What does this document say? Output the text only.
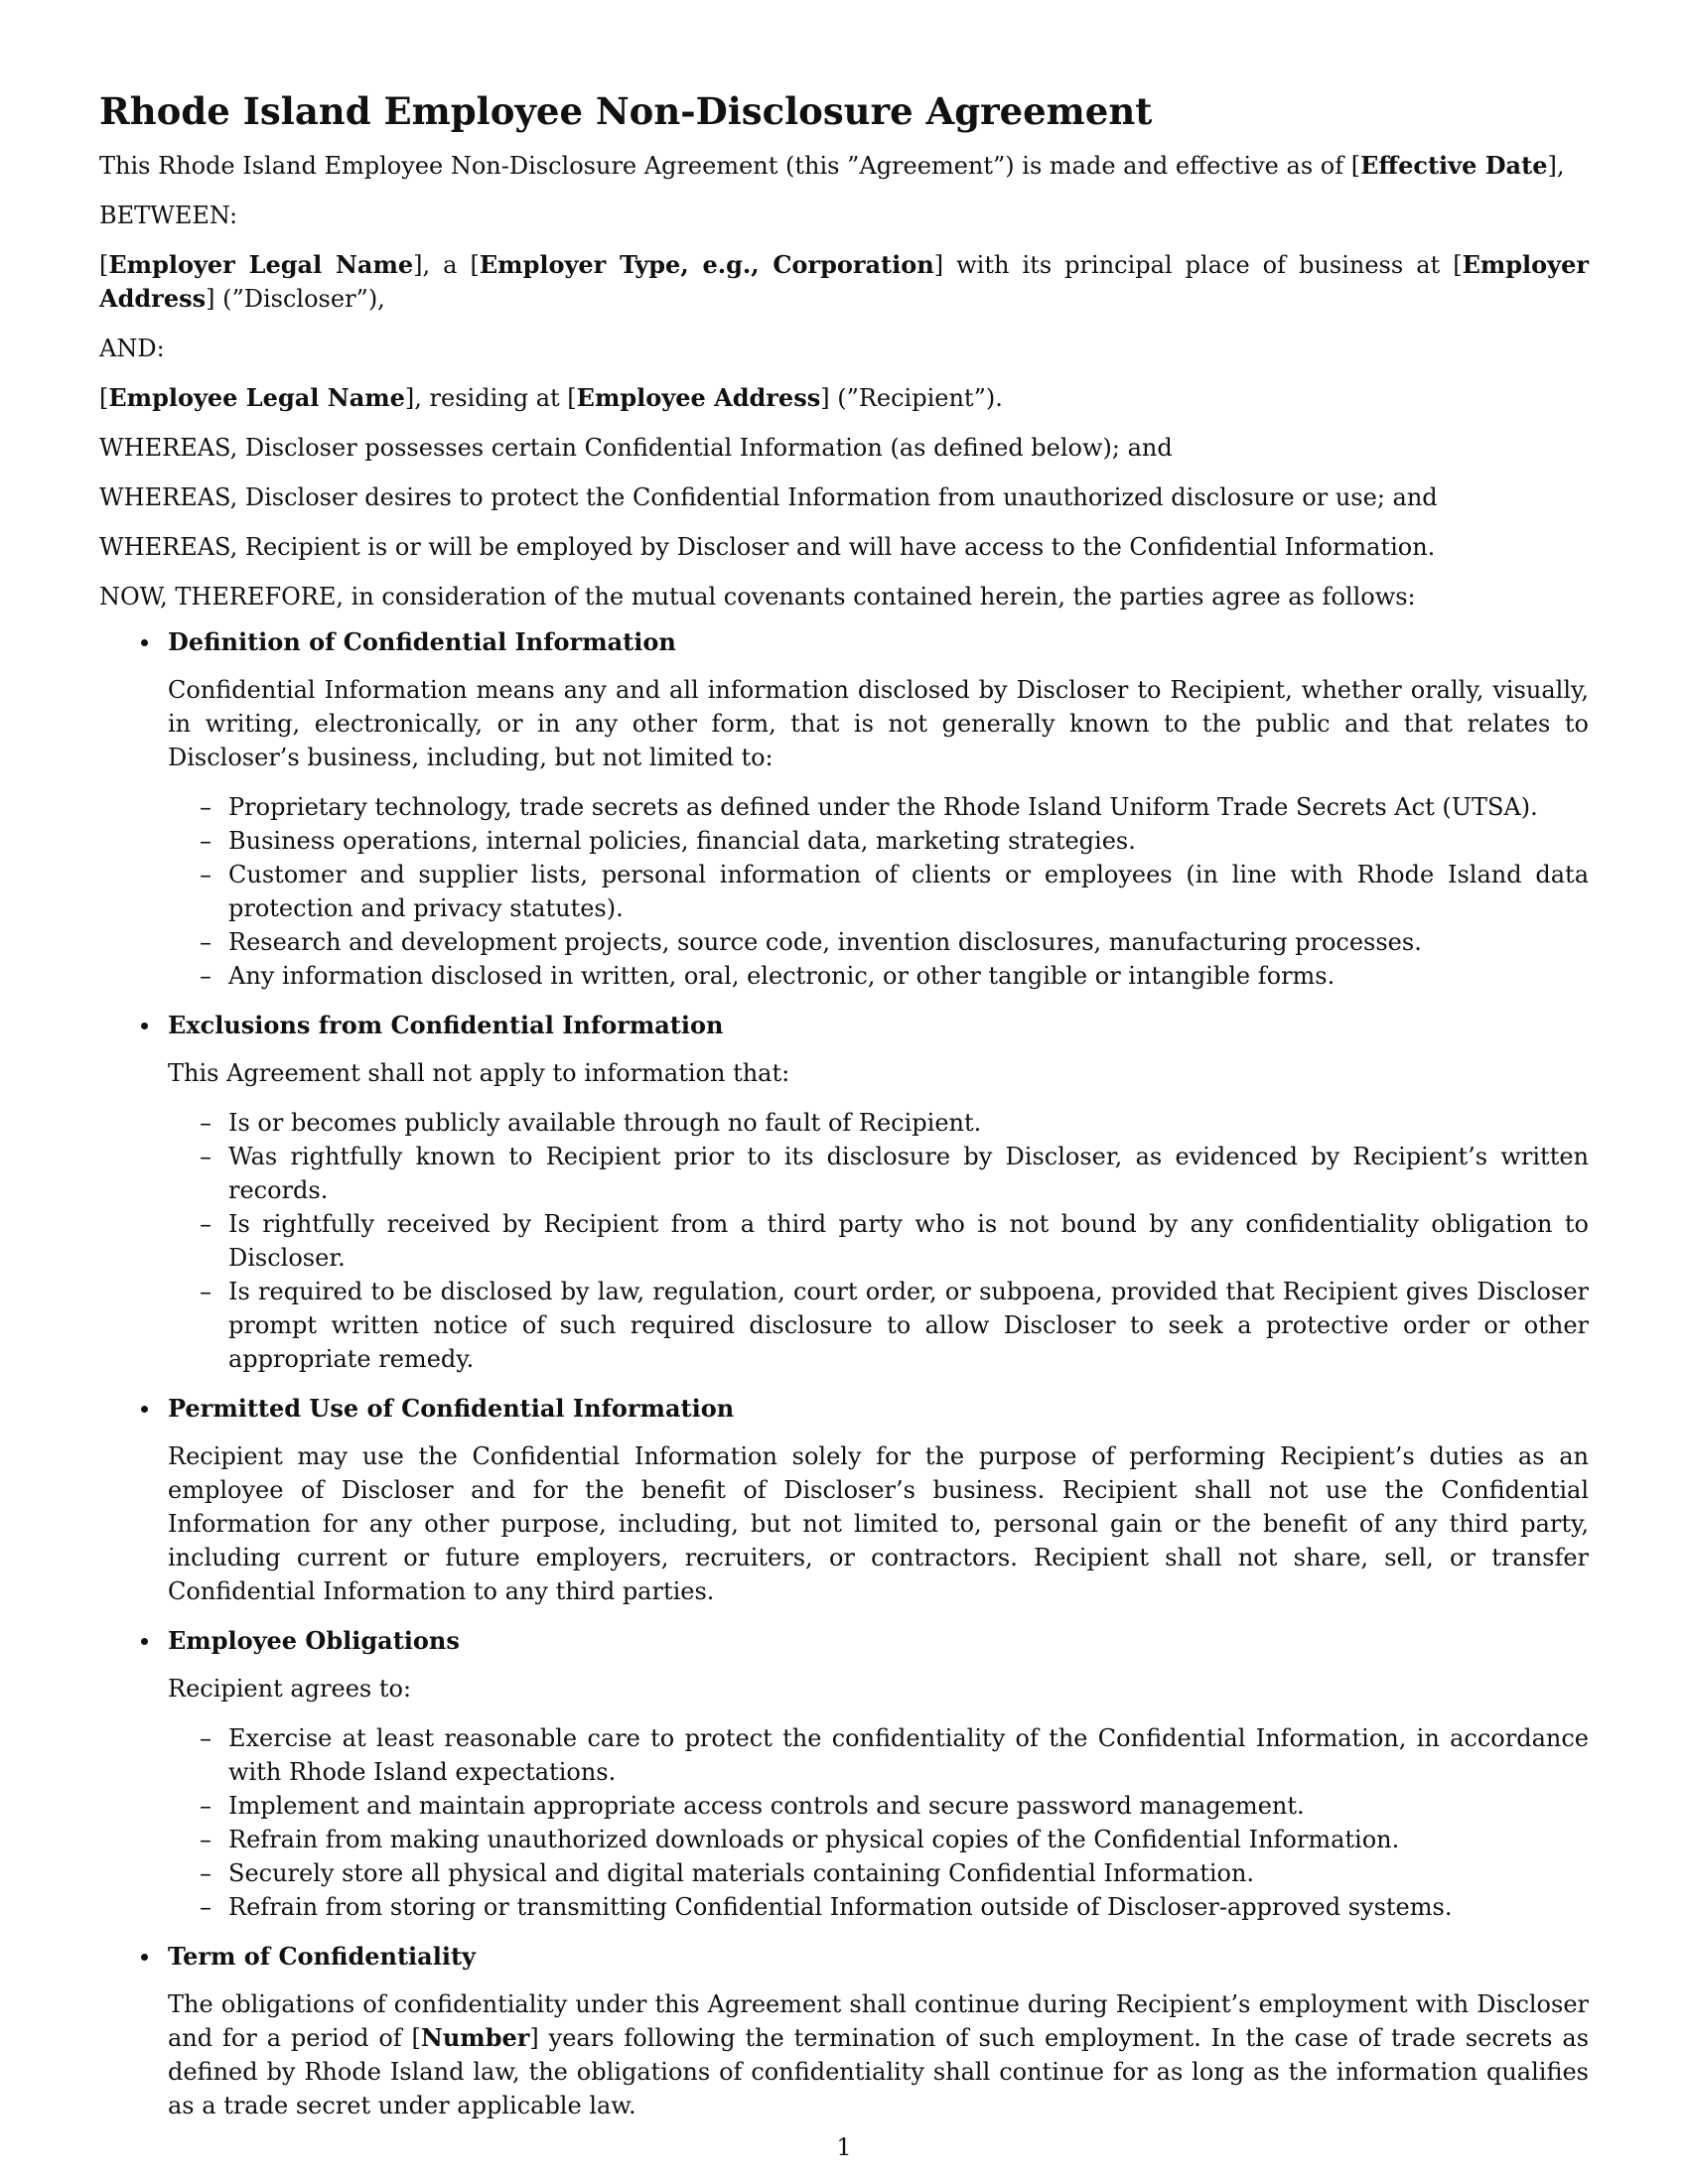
Rhode Island Employee Non-Disclosure Agreement

This Rhode Island Employee Non-Disclosure Agreement (this ”Agreement”) is made and effective as of [Effective Date],

BETWEEN:

[Employer Legal Name], a [Employer Type, e.g., Corporation] with its principal place of business at [Employer Address] (”Discloser”),

AND:

[Employee Legal Name], residing at [Employee Address] (”Recipient”).

WHEREAS, Discloser possesses certain Confidential Information (as defined below); and

WHEREAS, Discloser desires to protect the Confidential Information from unauthorized disclosure or use; and

WHEREAS, Recipient is or will be employed by Discloser and will have access to the Confidential Information.

NOW, THEREFORE, in consideration of the mutual covenants contained herein, the parties agree as follows:

Definition of Confidential Information

Confidential Information means any and all information disclosed by Discloser to Recipient, whether orally, visually, in writing, electronically, or in any other form, that is not generally known to the public and that relates to Discloser’s business, including, but not limited to:

– Proprietary technology, trade secrets as defined under the Rhode Island Uniform Trade Secrets Act (UTSA).
– Business operations, internal policies, financial data, marketing strategies.
– Customer and supplier lists, personal information of clients or employees (in line with Rhode Island data protection and privacy statutes).
– Research and development projects, source code, invention disclosures, manufacturing processes.
– Any information disclosed in written, oral, electronic, or other tangible or intangible forms.
Exclusions from Confidential Information

This Agreement shall not apply to information that:

– Is or becomes publicly available through no fault of Recipient.
– Was rightfully known to Recipient prior to its disclosure by Discloser, as evidenced by Recipient’s written records.
– Is rightfully received by Recipient from a third party who is not bound by any confidentiality obligation to Discloser.
– Is required to be disclosed by law, regulation, court order, or subpoena, provided that Recipient gives Discloser prompt written notice of such required disclosure to allow Discloser to seek a protective order or other appropriate remedy.
Permitted Use of Confidential Information

Recipient may use the Confidential Information solely for the purpose of performing Recipient’s duties as an employee of Discloser and for the benefit of Discloser’s business. Recipient shall not use the Confidential Information for any other purpose, including, but not limited to, personal gain or the benefit of any third party, including current or future employers, recruiters, or contractors. Recipient shall not share, sell, or transfer Confidential Information to any third parties.

Employee Obligations

Recipient agrees to:

– Exercise at least reasonable care to protect the confidentiality of the Confidential Information, in accordance with Rhode Island expectations.
– Implement and maintain appropriate access controls and secure password management.
– Refrain from making unauthorized downloads or physical copies of the Confidential Information.
– Securely store all physical and digital materials containing Confidential Information.
– Refrain from storing or transmitting Confidential Information outside of Discloser-approved systems.
Term of Confidentiality

The obligations of confidentiality under this Agreement shall continue during Recipient’s employment with Discloser and for a period of [Number] years following the termination of such employment. In the case of trade secrets as defined by Rhode Island law, the obligations of confidentiality shall continue for as long as the information qualifies as a trade secret under applicable law.

1
